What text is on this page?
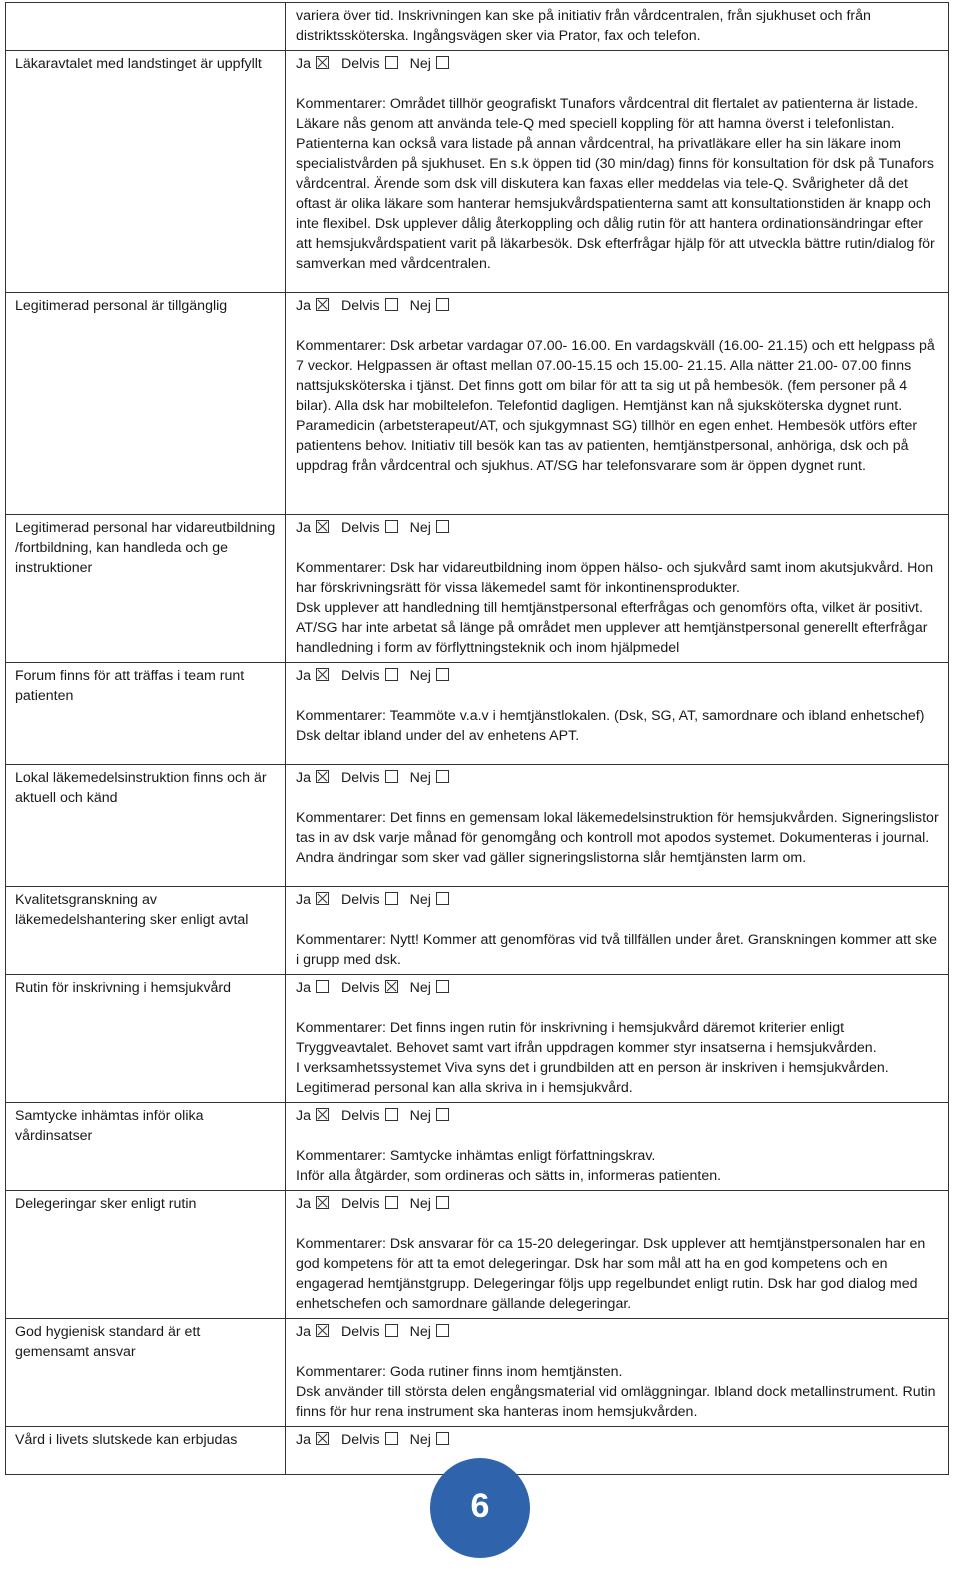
	variera över tid. Inskrivningen kan ske på initiativ från vårdcentralen, från sjukhuset och från distriktssköterska. Ingångsvägen sker via Prator, fax och telefon.

Läkaravtalet med landstinget är uppfyllt	Ja Delvis Nej

Kommentarer: Området tillhör geografiskt Tunafors vårdcentral dit flertalet av patienterna är listade. Läkare nås genom att använda tele-Q med speciell koppling för att hamna överst i telefonlistan. Patienterna kan också vara listade på annan vårdcentral, ha privatläkare eller ha sin läkare inom specialistvården på sjukhuset. En s.k öppen tid (30 min/dag) finns för konsultation för dsk på Tunafors vårdcentral. Ärende som dsk vill diskutera kan faxas eller meddelas via tele-Q. Svårigheter då det oftast är olika läkare som hanterar hemsjukvårdspatienterna samt att konsultationstiden är knapp och inte flexibel. Dsk upplever dålig återkoppling och dålig rutin för att hantera ordinationsändringar efter att hemsjukvårdspatient varit på läkarbesök. Dsk efterfrågar hjälp för att utveckla bättre rutin/dialog för samverkan med vårdcentralen.

Legitimerad personal är tillgänglig	Ja Delvis Nej

Kommentarer: Dsk arbetar vardagar 07.00- 16.00. En vardagskväll (16.00- 21.15) och ett helgpass på 7 veckor. Helgpassen är oftast mellan 07.00-15.15 och 15.00- 21.15. Alla nätter 21.00- 07.00 finns nattsjuksköterska i tjänst. Det finns gott om bilar för att ta sig ut på hembesök. (fem personer på 4 bilar). Alla dsk har mobiltelefon. Telefontid dagligen. Hemtjänst kan nå sjuksköterska dygnet runt.

Paramedicin (arbetsterapeut/AT, och sjukgymnast SG) tillhör en egen enhet. Hembesök utförs efter patientens behov. Initiativ till besök kan tas av patienten, hemtjänstpersonal, anhöriga, dsk och på uppdrag från vårdcentral och sjukhus. AT/SG har telefonsvarare som är öppen dygnet runt.

Legitimerad personal har vidareutbildning /fortbildning, kan handleda och ge instruktioner	Ja Delvis Nej

Kommentarer: Dsk har vidareutbildning inom öppen hälso- och sjukvård samt inom akutsjukvård. Hon har förskrivningsrätt för vissa läkemedel samt för inkontinensprodukter.

Dsk upplever att handledning till hemtjänstpersonal efterfrågas och genomförs ofta, vilket är positivt. AT/SG har inte arbetat så länge på området men upplever att hemtjänstpersonal generellt efterfrågar handledning i form av förflyttningsteknik och inom hjälpmedel

Forum finns för att träffas i team runt patienten	Ja Delvis Nej

Kommentarer: Teammöte v.a.v i hemtjänstlokalen. (Dsk, SG, AT, samordnare och ibland enhetschef)

Dsk deltar ibland under del av enhetens APT.

Lokal läkemedelsinstruktion finns och är aktuell och känd	Ja Delvis Nej

Kommentarer: Det finns en gemensam lokal läkemedelsinstruktion för hemsjukvården. Signeringslistor tas in av dsk varje månad för genomgång och kontroll mot apodos systemet. Dokumenteras i journal. Andra ändringar som sker vad gäller signeringslistorna slår hemtjänsten larm om.

Kvalitetsgranskning av läkemedelshantering sker enligt avtal	Ja Delvis Nej

Kommentarer: Nytt! Kommer att genomföras vid två tillfällen under året. Granskningen kommer att ske i grupp med dsk.

Rutin för inskrivning i hemsjukvård	Ja Delvis Nej

Kommentarer: Det finns ingen rutin för inskrivning i hemsjukvård däremot kriterier enligt Tryggveavtalet. Behovet samt vart ifrån uppdragen kommer styr insatserna i hemsjukvården.

I verksamhetssystemet Viva syns det i grundbilden att en person är inskriven i hemsjukvården. Legitimerad personal kan alla skriva in i hemsjukvård.

Samtycke inhämtas inför olika vårdinsatser	Ja Delvis Nej

Kommentarer: Samtycke inhämtas enligt författningskrav.

Inför alla åtgärder, som ordineras och sätts in, informeras patienten.

Delegeringar sker enligt rutin	Ja Delvis Nej

Kommentarer: Dsk ansvarar för ca 15-20 delegeringar. Dsk upplever att hemtjänstpersonalen har en god kompetens för att ta emot delegeringar. Dsk har som mål att ha en god kompetens och en engagerad hemtjänstgrupp. Delegeringar följs upp regelbundet enligt rutin. Dsk har god dialog med enhetschefen och samordnare gällande delegeringar.

God hygienisk standard är ett gemensamt ansvar	Ja Delvis Nej

Kommentarer: Goda rutiner finns inom hemtjänsten.

Dsk använder till största delen engångsmaterial vid omläggningar. Ibland dock metallinstrument. Rutin finns för hur rena instrument ska hanteras inom hemsjukvården.

Vård i livets slutskede kan erbjudas	Ja Delvis Nej
6
